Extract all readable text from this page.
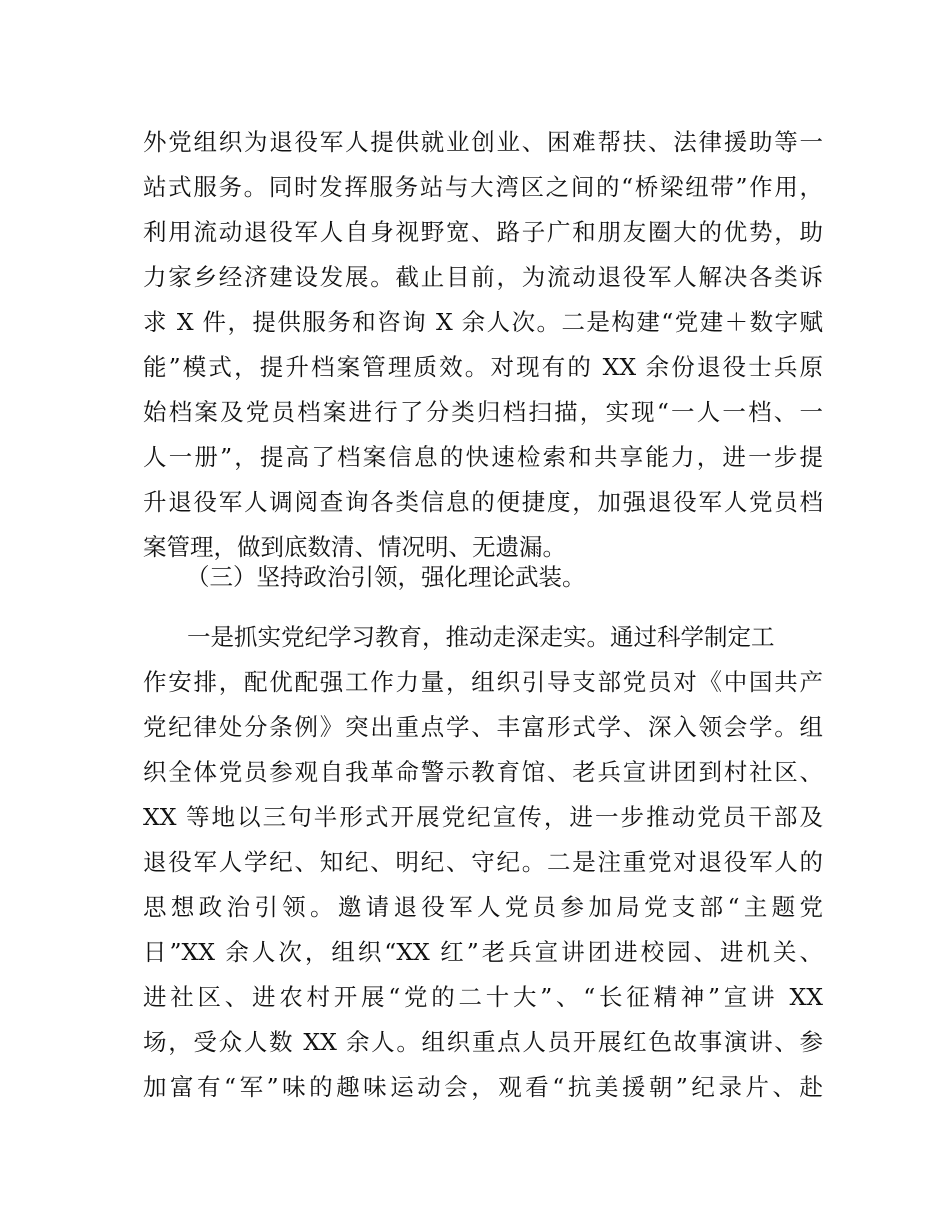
外党组织为退役军人提供就业创业、困难帮扶、法律援助等一
站式服务。同时发挥服务站与大湾区之间的“桥梁纽带”作用，
利用流动退役军人自身视野宽、路子广和朋友圈大的优势，助
力家乡经济建设发展。截止目前，为流动退役军人解决各类诉
求 X 件，提供服务和咨询 X 余人次。二是构建“党建＋数字赋
能”模式，提升档案管理质效。对现有的 XX 余份退役士兵原
始档案及党员档案进行了分类归档扫描，实现“一人一档、一
人一册”，提高了档案信息的快速检索和共享能力，进一步提
升退役军人调阅查询各类信息的便捷度，加强退役军人党员档
案管理，做到底数清、情况明、无遗漏。
（三）坚持政治引领，强化理论武装。
一是抓实党纪学习教育，推动走深走实。通过科学制定工
作安排，配优配强工作力量，组织引导支部党员对《中国共产
党纪律处分条例》突出重点学、丰富形式学、深入领会学。组
织全体党员参观自我革命警示教育馆、老兵宣讲团到村社区、
XX 等地以三句半形式开展党纪宣传，进一步推动党员干部及
退役军人学纪、知纪、明纪、守纪。二是注重党对退役军人的
思想政治引领。邀请退役军人党员参加局党支部“主题党
日”XX 余人次，组织“XX 红”老兵宣讲团进校园、进机关、
进社区、进农村开展“党的二十大”、“长征精神”宣讲 XX
场，受众人数 XX 余人。组织重点人员开展红色故事演讲、参
加富有“军”味的趣味运动会，观看“抗美援朝”纪录片、赴
